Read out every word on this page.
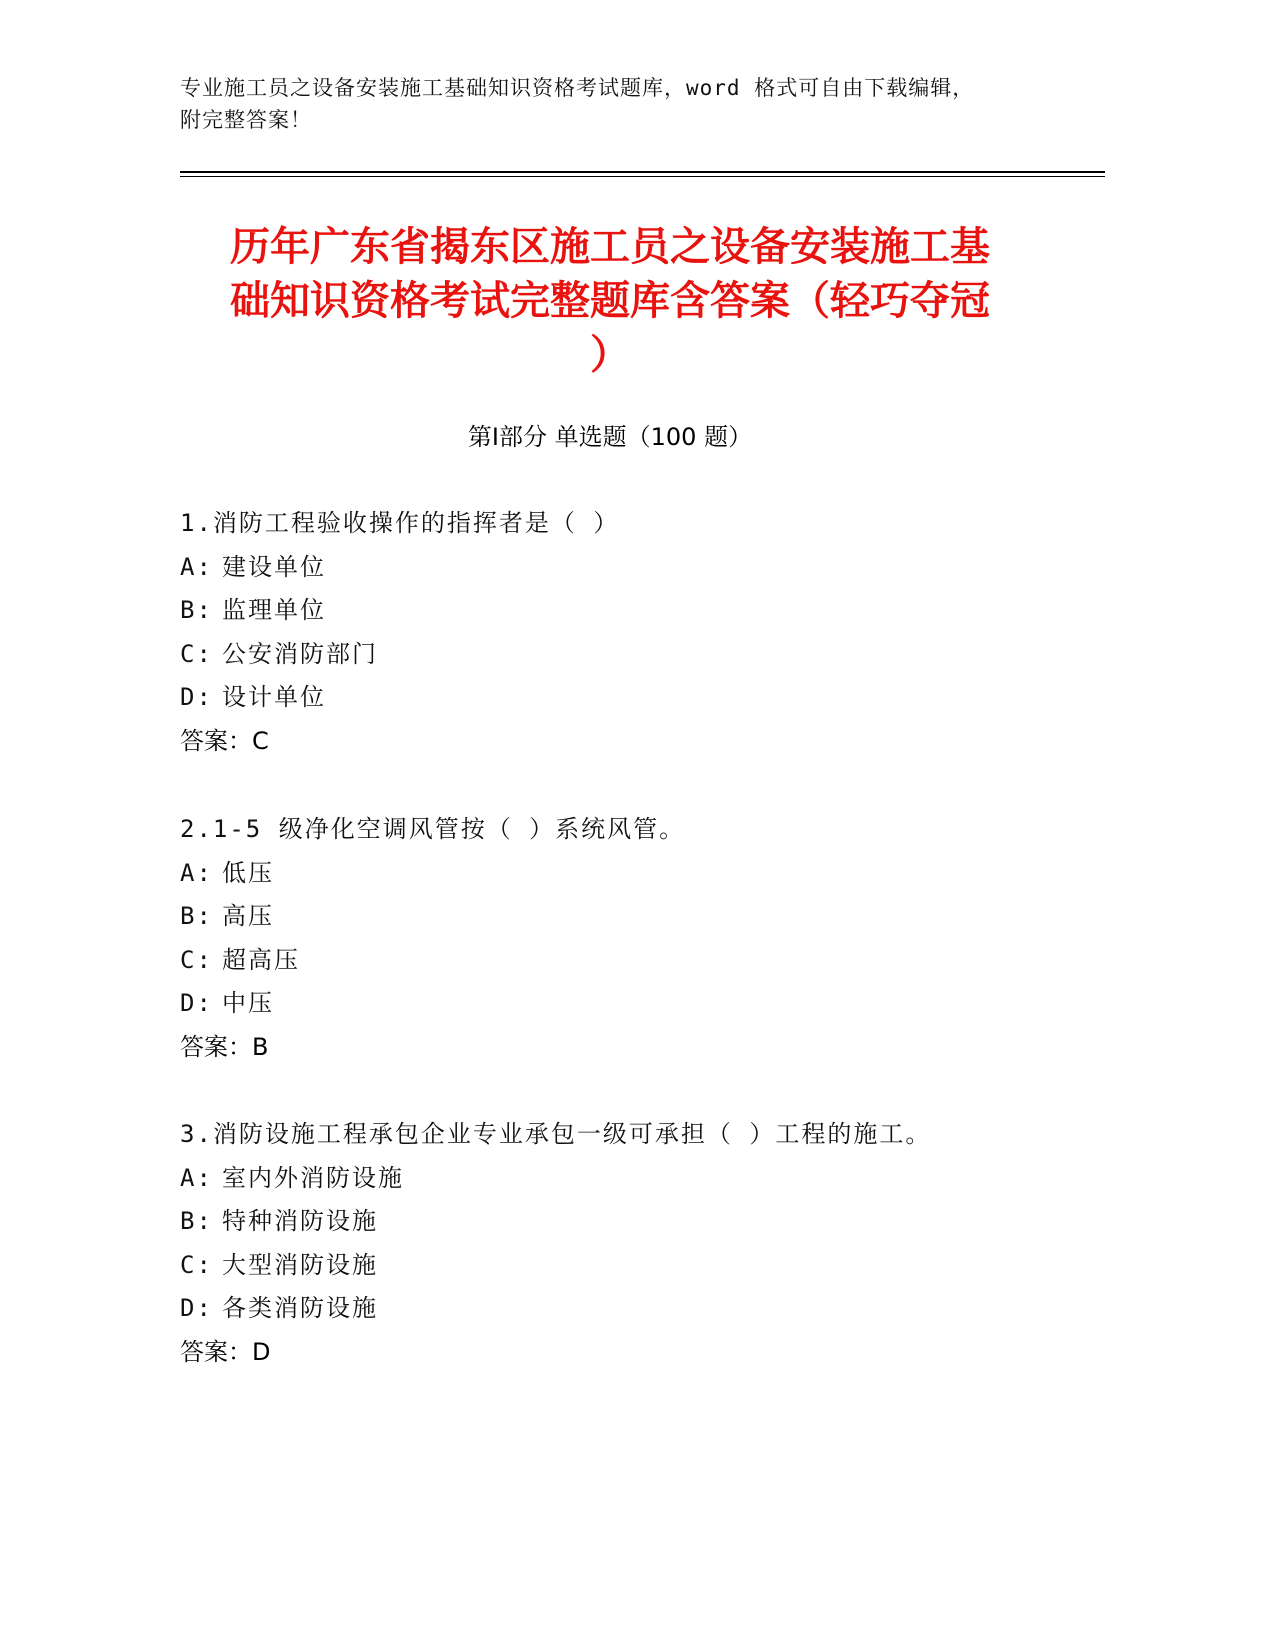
专业施工员之设备安装施工基础知识资格考试题库，word 格式可自由下载编辑，
附完整答案！
历年广东省揭东区施工员之设备安装施工基
础知识资格考试完整题库含答案（轻巧夺冠
）
第Ⅰ部分 单选题（100 题）
1.消防工程验收操作的指挥者是（ ）
A: 建设单位
B: 监理单位
C: 公安消防部门
D: 设计单位
答案：C
2.1-5 级净化空调风管按（ ）系统风管。
A: 低压
B: 高压
C: 超高压
D: 中压
答案：B
3.消防设施工程承包企业专业承包一级可承担（ ）工程的施工。
A: 室内外消防设施
B: 特种消防设施
C: 大型消防设施
D: 各类消防设施
答案：D
